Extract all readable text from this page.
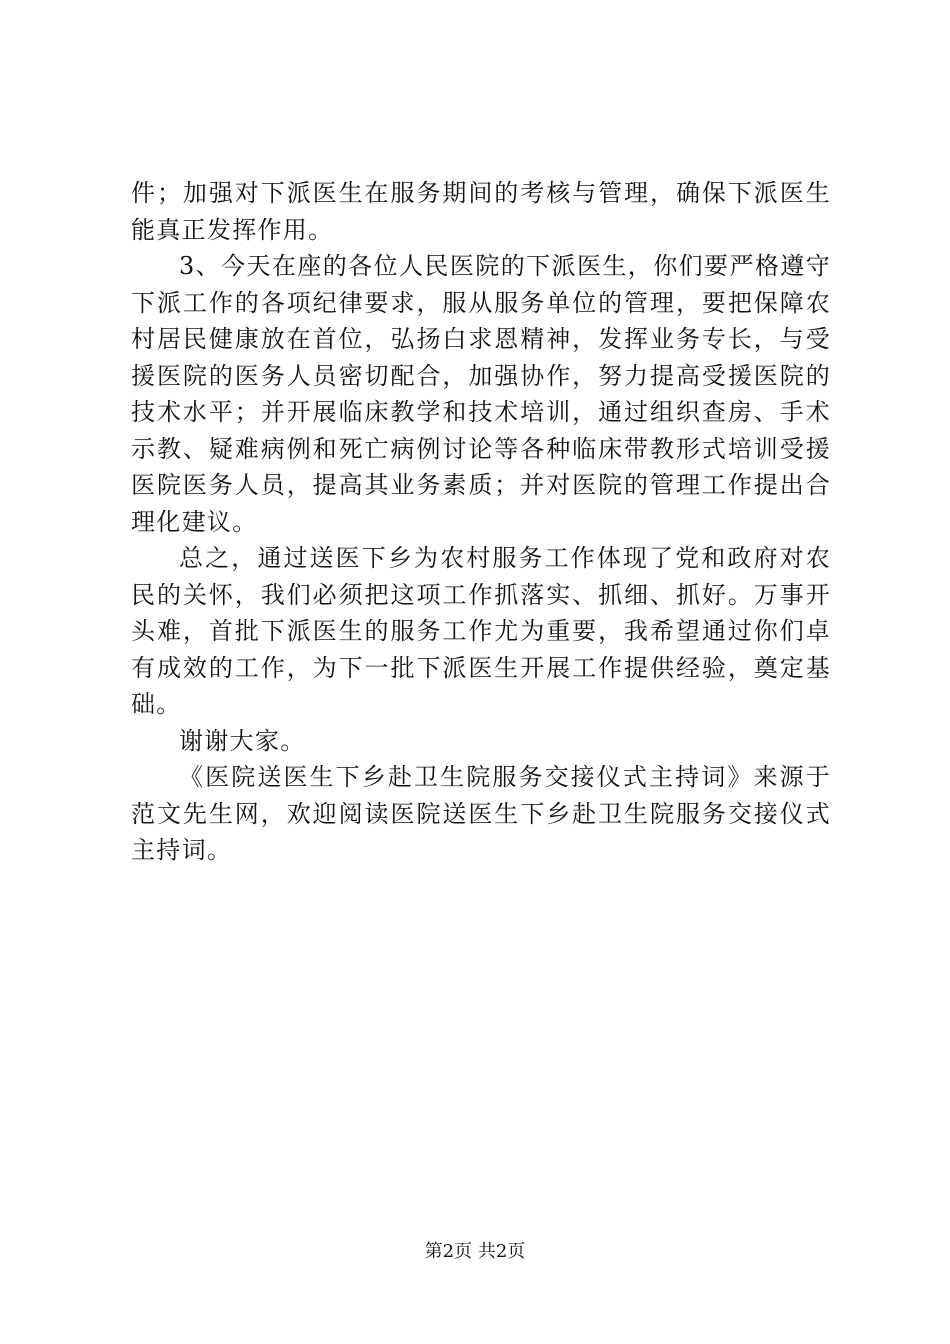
件；加强对下派医生在服务期间的考核与管理，确保下派医生能真正发挥作用。

3、今天在座的各位人民医院的下派医生，你们要严格遵守下派工作的各项纪律要求，服从服务单位的管理，要把保障农村居民健康放在首位，弘扬白求恩精神，发挥业务专长，与受援医院的医务人员密切配合，加强协作，努力提高受援医院的技术水平；并开展临床教学和技术培训，通过组织查房、手术示教、疑难病例和死亡病例讨论等各种临床带教形式培训受援医院医务人员，提高其业务素质；并对医院的管理工作提出合理化建议。

总之，通过送医下乡为农村服务工作体现了党和政府对农民的关怀，我们必须把这项工作抓落实、抓细、抓好。万事开头难，首批下派医生的服务工作尤为重要，我希望通过你们卓有成效的工作，为下一批下派医生开展工作提供经验，奠定基础。

谢谢大家。

《医院送医生下乡赴卫生院服务交接仪式主持词》来源于范文先生网，欢迎阅读医院送医生下乡赴卫生院服务交接仪式主持词。

第2页 共2页
